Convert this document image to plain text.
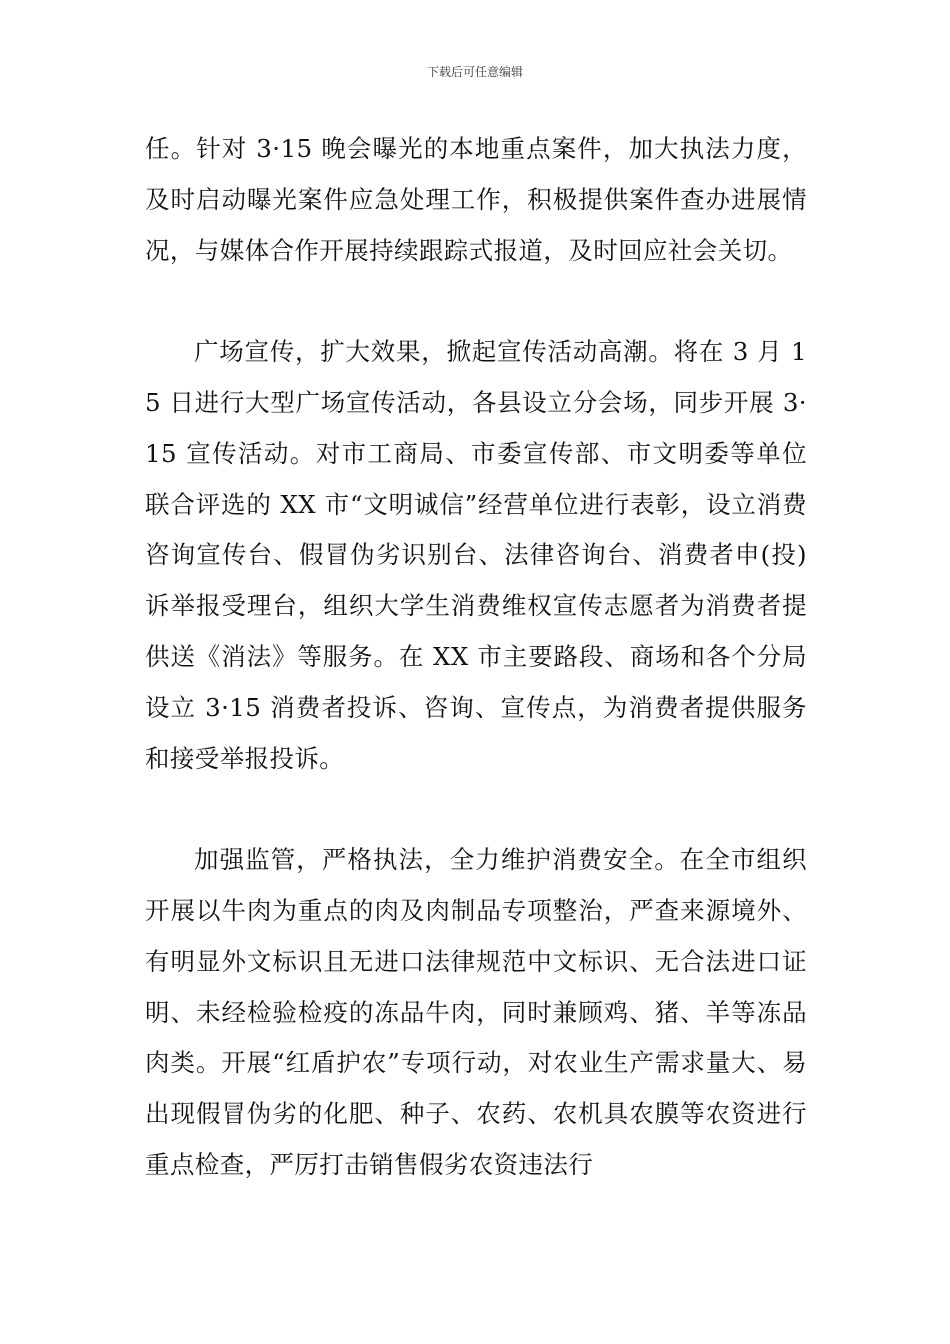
下载后可任意编辑

任。针对 3·15 晚会曝光的本地重点案件，加大执法力度，及时启动曝光案件应急处理工作，积极提供案件查办进展情况，与媒体合作开展持续跟踪式报道，及时回应社会关切。

广场宣传，扩大效果，掀起宣传活动高潮。将在 3 月 15 日进行大型广场宣传活动，各县设立分会场，同步开展 3·15 宣传活动。对市工商局、市委宣传部、市文明委等单位联合评选的 XX 市“文明诚信”经营单位进行表彰，设立消费咨询宣传台、假冒伪劣识别台、法律咨询台、消费者申(投)诉举报受理台，组织大学生消费维权宣传志愿者为消费者提供送《消法》等服务。在 XX 市主要路段、商场和各个分局设立 3·15 消费者投诉、咨询、宣传点，为消费者提供服务和接受举报投诉。

加强监管，严格执法，全力维护消费安全。在全市组织开展以牛肉为重点的肉及肉制品专项整治，严查来源境外、有明显外文标识且无进口法律规范中文标识、无合法进口证明、未经检验检疫的冻品牛肉，同时兼顾鸡、猪、羊等冻品肉类。开展“红盾护农”专项行动，对农业生产需求量大、易出现假冒伪劣的化肥、种子、农药、农机具农膜等农资进行重点检查，严厉打击销售假劣农资违法行
